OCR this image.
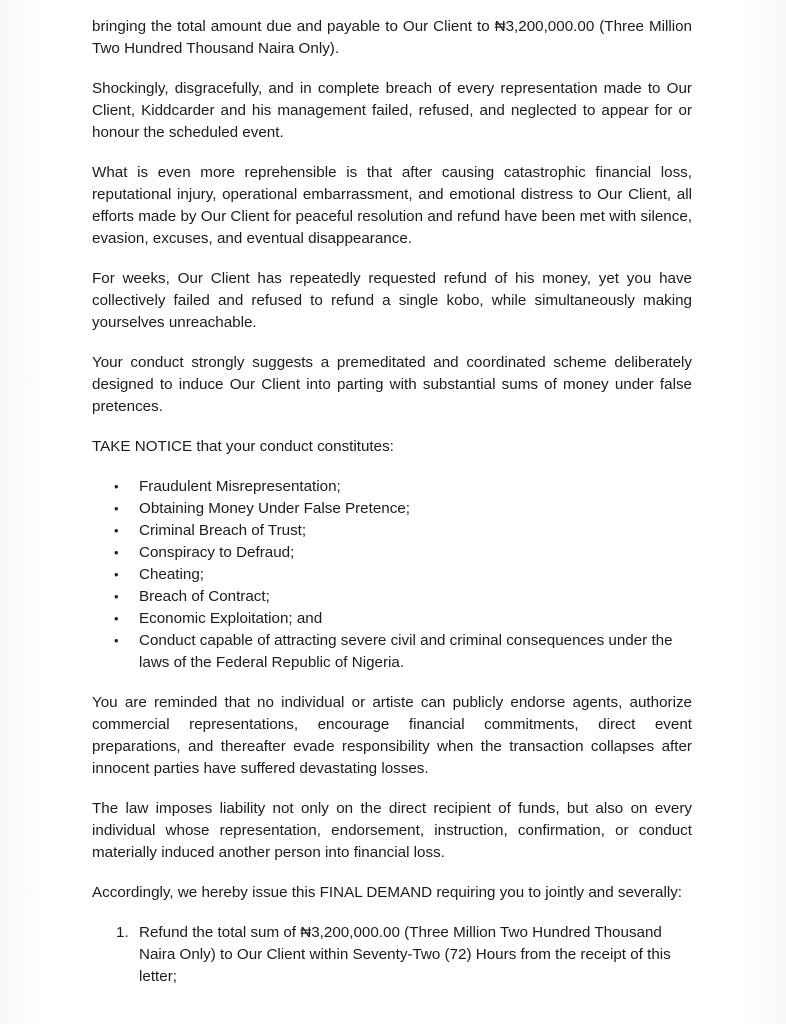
bringing the total amount due and payable to Our Client to ₦3,200,000.00 (Three Million Two Hundred Thousand Naira Only).

Shockingly, disgracefully, and in complete breach of every representation made to Our Client, Kiddcarder and his management failed, refused, and neglected to appear for or honour the scheduled event.

What is even more reprehensible is that after causing catastrophic financial loss, reputational injury, operational embarrassment, and emotional distress to Our Client, all efforts made by Our Client for peaceful resolution and refund have been met with silence, evasion, excuses, and eventual disappearance.

For weeks, Our Client has repeatedly requested refund of his money, yet you have collectively failed and refused to refund a single kobo, while simultaneously making yourselves unreachable.

Your conduct strongly suggests a premeditated and coordinated scheme deliberately designed to induce Our Client into parting with substantial sums of money under false pretences.

TAKE NOTICE that your conduct constitutes:

• Fraudulent Misrepresentation;
• Obtaining Money Under False Pretence;
• Criminal Breach of Trust;
• Conspiracy to Defraud;
• Cheating;
• Breach of Contract;
• Economic Exploitation; and
• Conduct capable of attracting severe civil and criminal consequences under the laws of the Federal Republic of Nigeria.

You are reminded that no individual or artiste can publicly endorse agents, authorize commercial representations, encourage financial commitments, direct event preparations, and thereafter evade responsibility when the transaction collapses after innocent parties have suffered devastating losses.

The law imposes liability not only on the direct recipient of funds, but also on every individual whose representation, endorsement, instruction, confirmation, or conduct materially induced another person into financial loss.

Accordingly, we hereby issue this FINAL DEMAND requiring you to jointly and severally:

1. Refund the total sum of ₦3,200,000.00 (Three Million Two Hundred Thousand Naira Only) to Our Client within Seventy-Two (72) Hours from the receipt of this letter;
